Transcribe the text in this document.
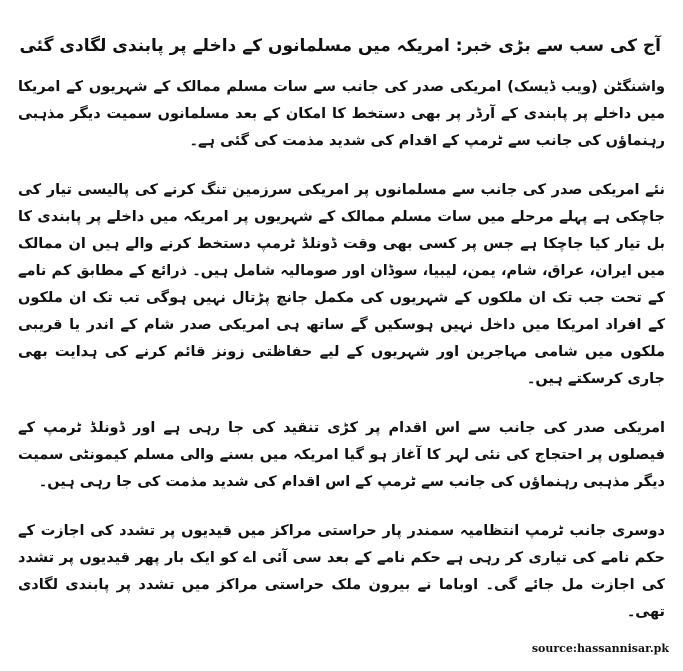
آج کی سب سے بڑی خبر: امریکہ میں مسلمانوں کے داخلے پر پابندی لگادی گئی

واشنگٹن (ویب ڈیسک) امریکی صدر کی جانب سے سات مسلم ممالک کے شہریوں کے امریکا میں داخلے پر پابندی کے آرڈر پر بھی دستخط کا امکان کے بعد مسلمانوں سمیت دیگر مذہبی رہنماؤں کی جانب سے ٹرمپ کے اقدام کی شدید مذمت کی گئی ہے۔

نئے امریکی صدر کی جانب سے مسلمانوں پر امریکی سرزمین تنگ کرنے کی پالیسی تیار کی جاچکی ہے پہلے مرحلے میں سات مسلم ممالک کے شہریوں پر امریکہ میں داخلے پر پابندی کا بل تیار کیا جاچکا ہے جس پر کسی بھی وقت ڈونلڈ ٹرمپ دستخط کرنے والے ہیں ان ممالک میں ایران، عراق، شام، یمن، لیبیا، سوڈان اور صومالیہ شامل ہیں۔ ذرائع کے مطابق کم نامے کے تحت جب تک ان ملکوں کے شہریوں کی مکمل جانچ پڑتال نہیں ہوگی تب تک ان ملکوں کے افراد امریکا میں داخل نہیں ہوسکیں گے ساتھ ہی امریکی صدر شام کے اندر یا قریبی ملکوں میں شامی مہاجرین اور شہریوں کے لیے حفاظتی زونز قائم کرنے کی ہدایت بھی جاری کرسکتے ہیں۔

امریکی صدر کی جانب سے اس اقدام پر کڑی تنقید کی جا رہی ہے اور ڈونلڈ ٹرمپ کے فیصلوں پر احتجاج کی نئی لہر کا آغاز ہو گیا امریکہ میں بسنے والی مسلم کیمونٹی سمیت دیگر مذہبی رہنماؤں کی جانب سے ٹرمپ کے اس اقدام کی شدید مذمت کی جا رہی ہیں۔

دوسری جانب ٹرمپ انتظامیہ سمندر پار حراستی مراکز میں قیدیوں پر تشدد کی اجازت کے حکم نامے کی تیاری کر رہی ہے حکم نامے کے بعد سی آئی اے کو ایک بار پھر قیدیوں پر تشدد کی اجازت مل جائے گی۔ اوباما نے بیرون ملک حراستی مراکز میں تشدد پر پابندی لگادی تھی۔

source:hassannisar.pk
